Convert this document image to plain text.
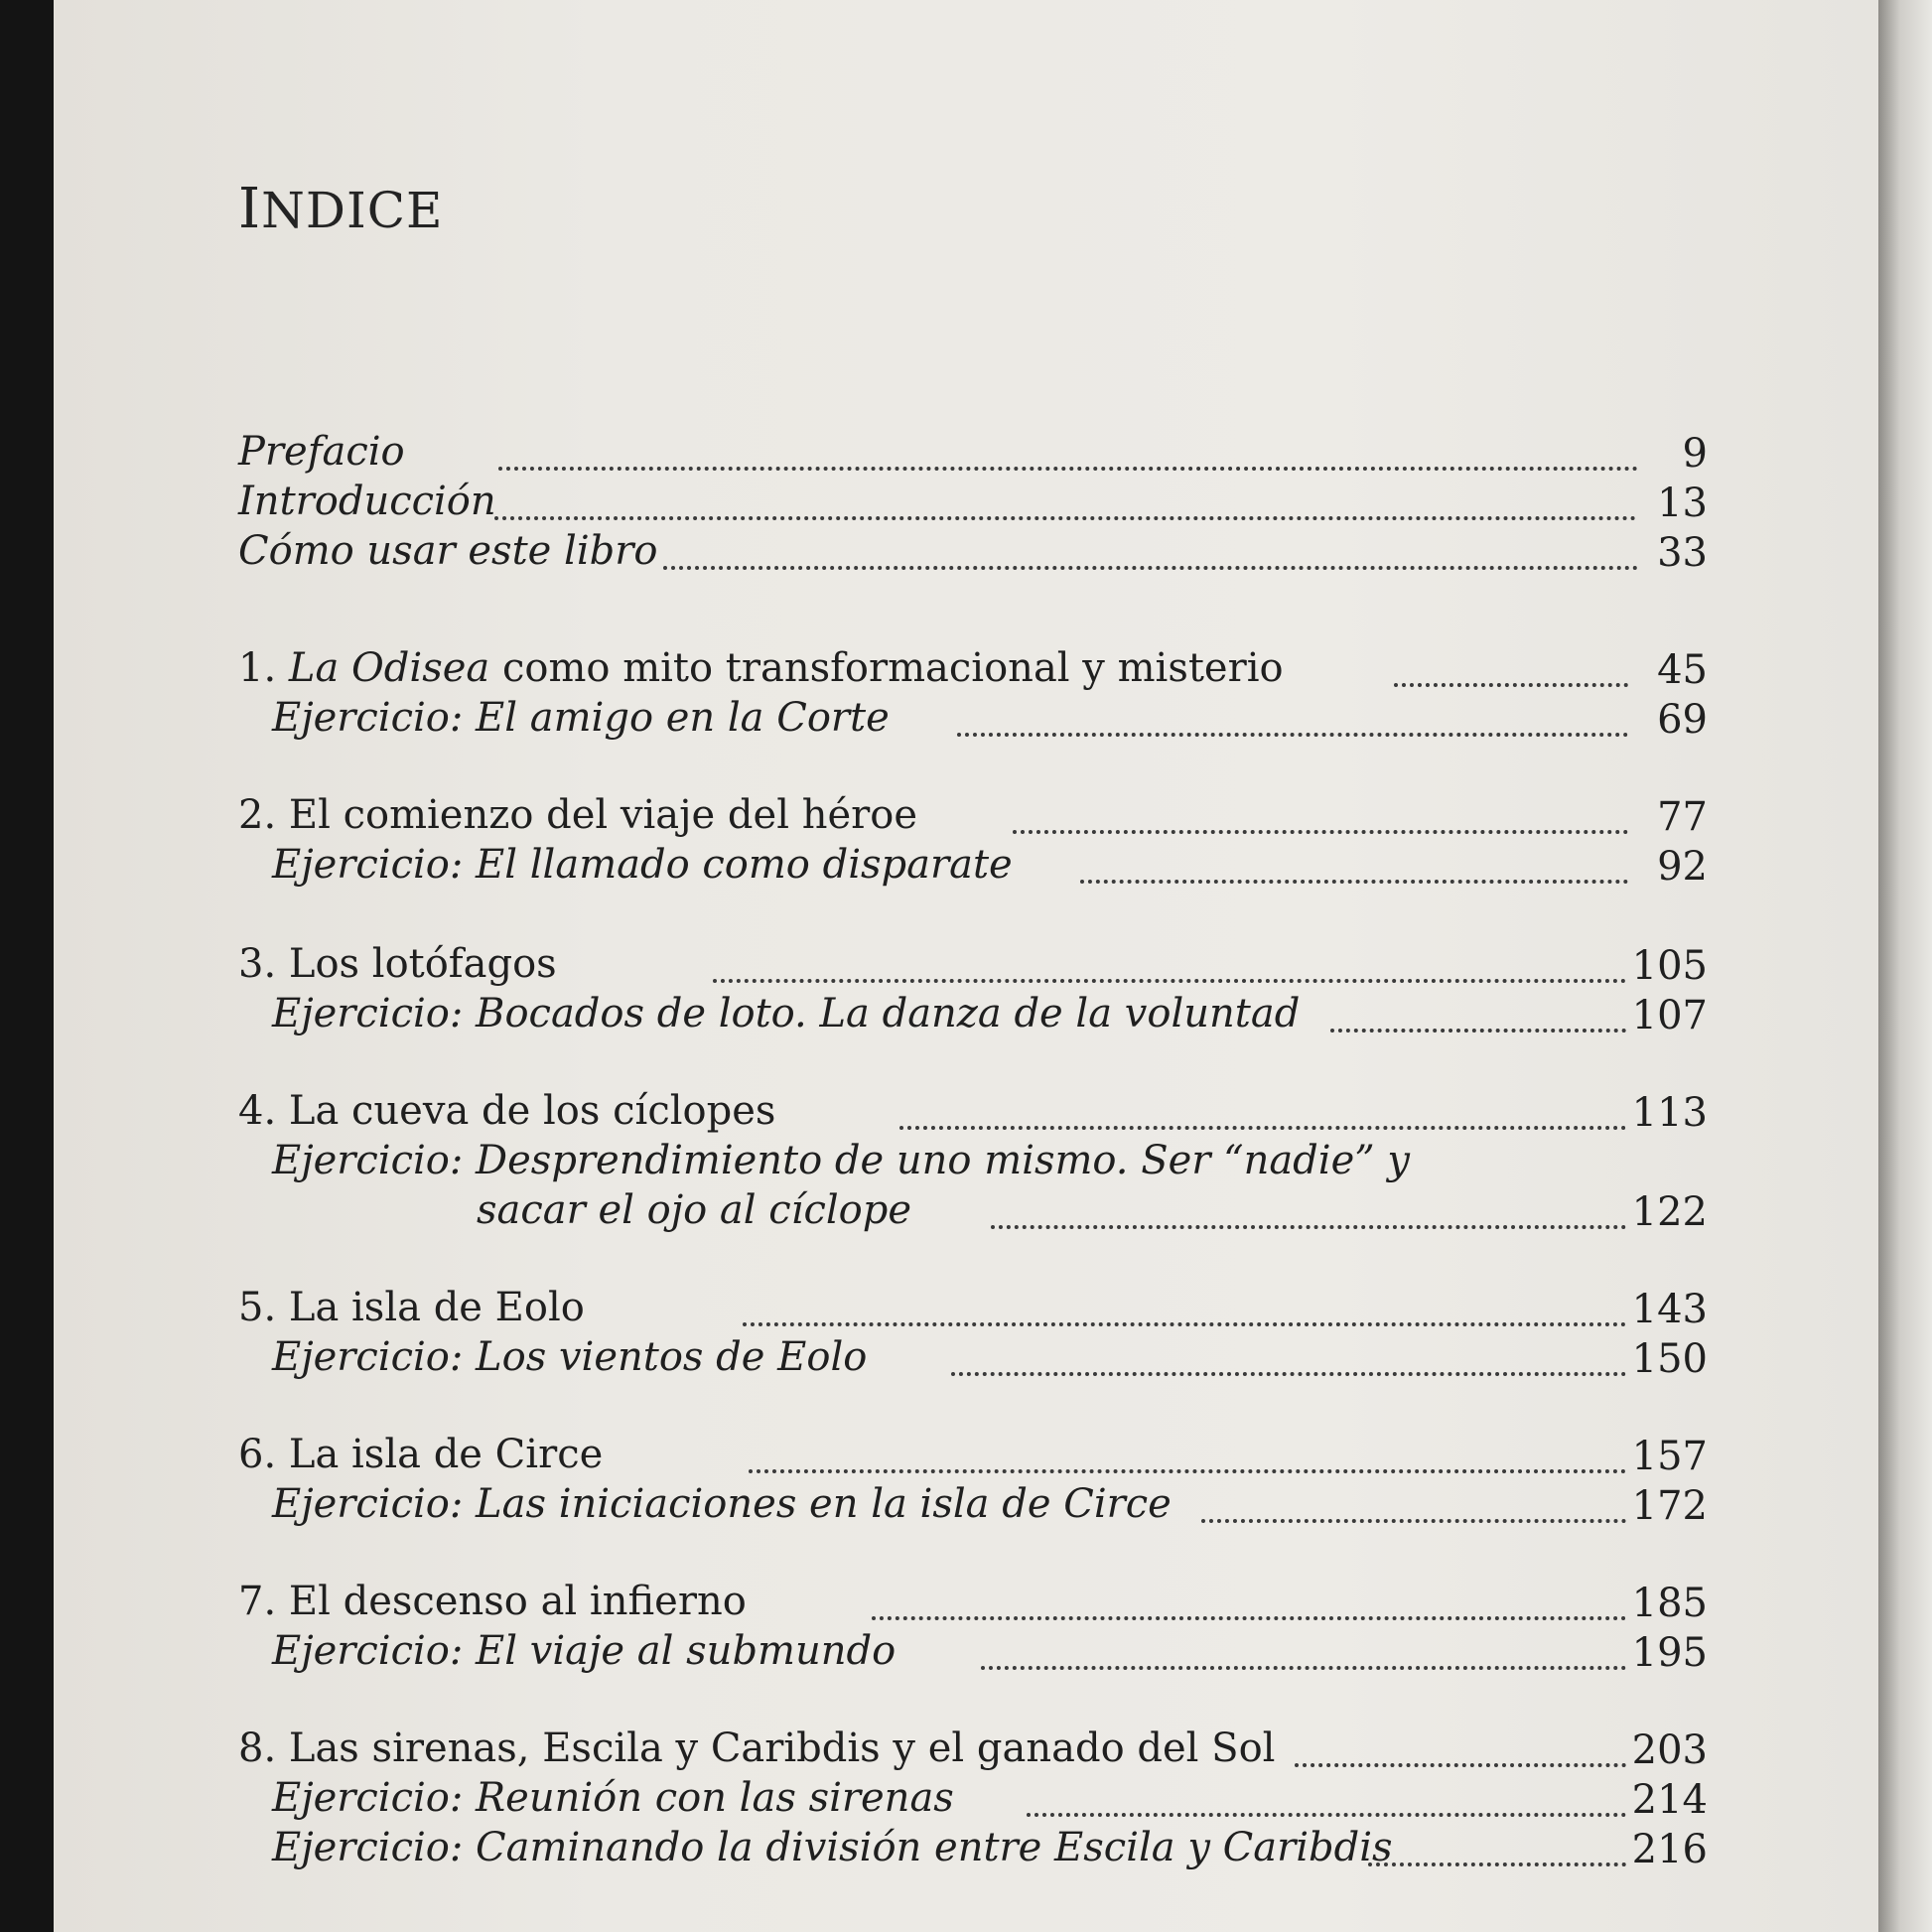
INDICE
Prefacio	9
Introducción	13
Cómo usar este libro	33
1. La Odisea como mito transformacional y misterio	45
Ejercicio: El amigo en la Corte	69
2. El comienzo del viaje del héroe	77
Ejercicio: El llamado como disparate	92
3. Los lotófagos	105
Ejercicio: Bocados de loto. La danza de la voluntad	107
4. La cueva de los cíclopes	113
Ejercicio: Desprendimiento de uno mismo. Ser “nadie” y
sacar el ojo al cíclope	122
5. La isla de Eolo	143
Ejercicio: Los vientos de Eolo	150
6. La isla de Circe	157
Ejercicio: Las iniciaciones en la isla de Circe	172
7. El descenso al infierno	185
Ejercicio: El viaje al submundo	195
8. Las sirenas, Escila y Caribdis y el ganado del Sol	203
Ejercicio: Reunión con las sirenas	214
Ejercicio: Caminando la división entre Escila y Caribdis	216
